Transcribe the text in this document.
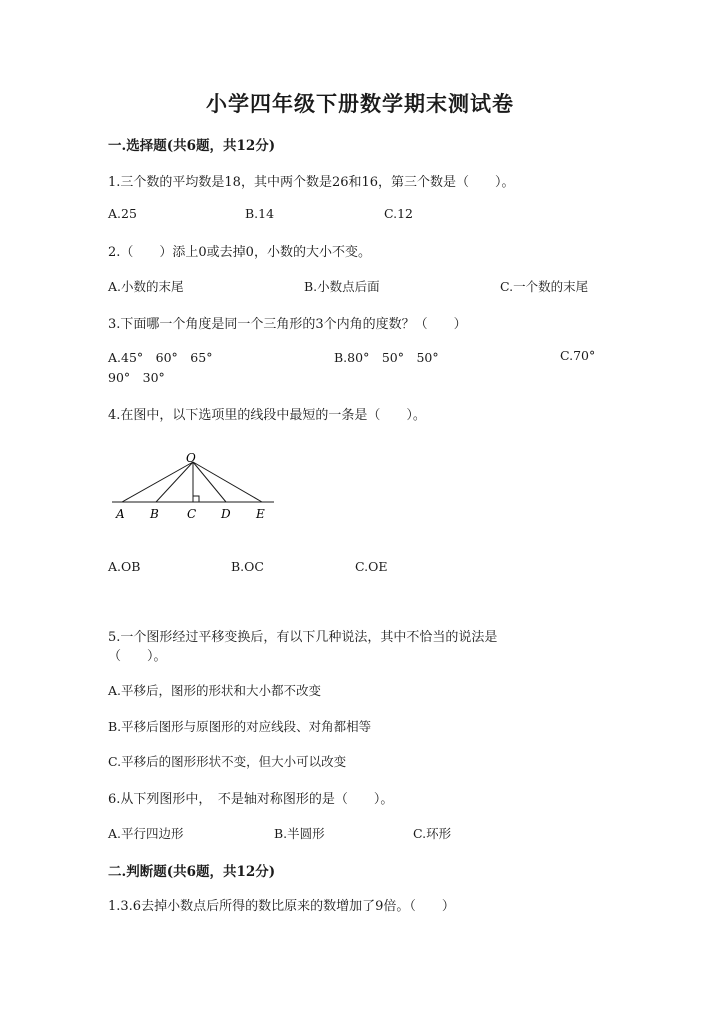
小学四年级下册数学期末测试卷
一.选择题(共6题，共12分)
1.三个数的平均数是18，其中两个数是26和16，第三个数是（　　）。
A.25	B.14	C.12
2.（　　）添上0或去掉0，小数的大小不变。
A.小数的末尾	B.小数点后面	C.一个数的末尾
3.下面哪一个角度是同一个三角形的3个内角的度数？（　　）
A.45°　60°　65°	B.80°　50°　50°	C.70°
90°　30°
4.在图中，以下选项里的线段中最短的一条是（　　）。
O
A B C D E
A.OB	B.OC	C.OE
5.一个图形经过平移变换后，有以下几种说法，其中不恰当的说法是
（　　）。
A.平移后，图形的形状和大小都不改变
B.平移后图形与原图形的对应线段、对角都相等
C.平移后的图形形状不变，但大小可以改变
6.从下列图形中，　不是轴对称图形的是（　　）。
A.平行四边形	B.半圆形	C.环形
二.判断题(共6题，共12分)
1.3.6去掉小数点后所得的数比原来的数增加了9倍。（　　）
